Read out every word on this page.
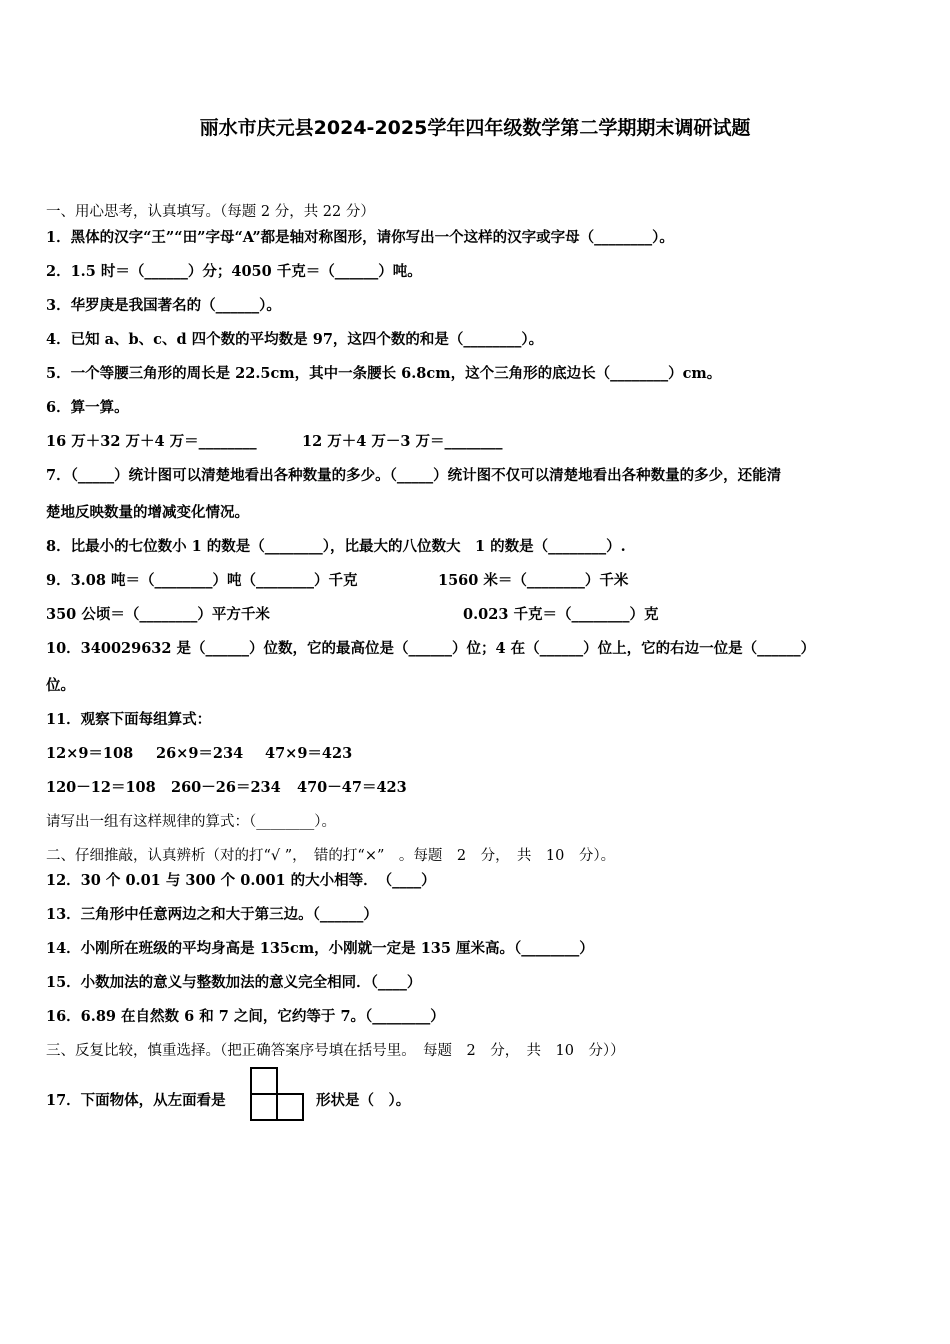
丽水市庆元县2024-2025学年四年级数学第二学期期末调研试题
一、用心思考，认真填写。（每题 2 分，共 22 分）
1．黑体的汉字“王”“田”字母“A”都是轴对称图形，请你写出一个这样的汉字或字母（________）。
2．1.5 时＝（______）分；4050 千克＝（______）吨。
3．华罗庚是我国著名的（______）。
4．已知 a、b、c、d 四个数的平均数是 97，这四个数的和是（________）。
5．一个等腰三角形的周长是 22.5cm，其中一条腰长 6.8cm，这个三角形的底边长（________）cm。
6．算一算。
16 万＋32 万＋4 万＝________	12 万＋4 万－3 万＝________
7．（_____）统计图可以清楚地看出各种数量的多少。（_____）统计图不仅可以清楚地看出各种数量的多少，还能清
楚地反映数量的增减变化情况。
8．比最小的七位数小 1 的数是（________），比最大的八位数大　1 的数是（________）.
9．3.08 吨＝（________）吨（________）千克	1560 米＝（________）千米
350 公顷＝（________）平方千米	0.023 千克＝（________）克
10．340029632 是（______）位数，它的最高位是（______）位；4 在（______）位上，它的右边一位是（______）
位。
11．观察下面每组算式：
12×9＝108 26×9＝234 47×9＝423
120－12＝108 260－26＝234 470－47＝423
请写出一组有这样规律的算式：（________）。
二、仔细推敲，认真辨析（对的打“√ ”，　错的打“×”　。每题　2　分，　共　10　分）。
12．30 个 0.01 与 300 个 0.001 的大小相等．　（____）
13．三角形中任意两边之和大于第三边。（______）
14．小刚所在班级的平均身高是 135cm，小刚就一定是 135 厘米高。（________）
15．小数加法的意义与整数加法的意义完全相同．（____）
16．6.89 在自然数 6 和 7 之间，它约等于 7。（________）
三、反复比较，慎重选择。（把正确答案序号填在括号里。　每题　2　分，　共　10　分））
17．下面物体，从左面看是	形状是（　）。
